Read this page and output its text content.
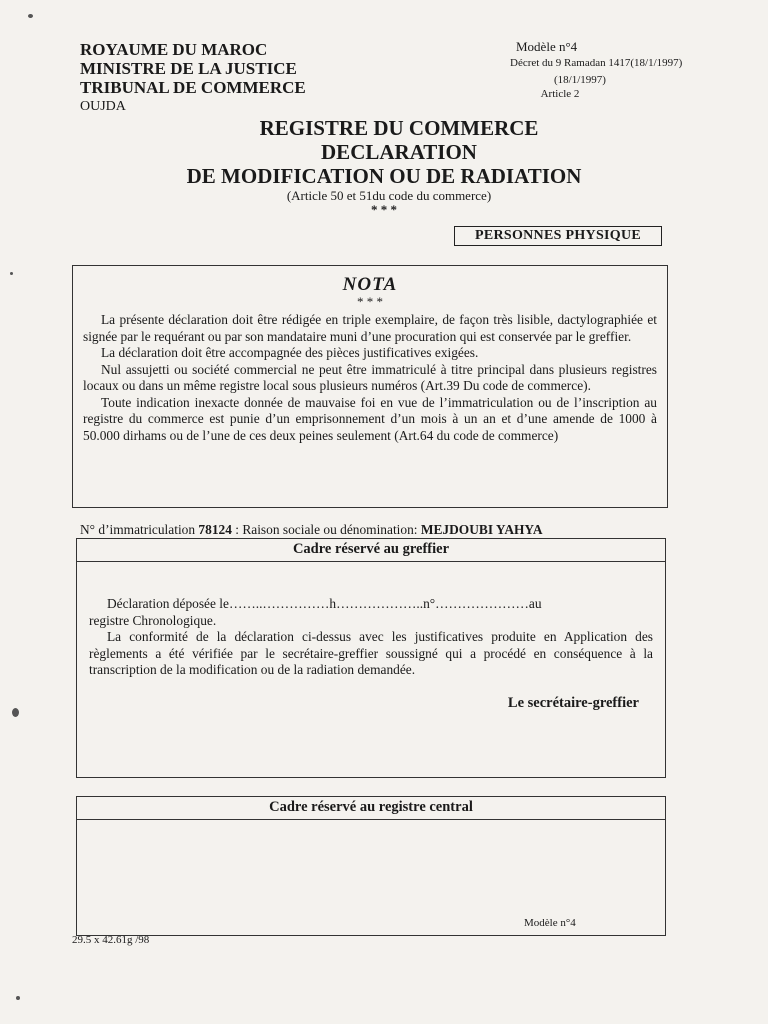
ROYAUME DU MAROC
MINISTRE DE LA JUSTICE
TRIBUNAL DE COMMERCE
OUJDA
Modèle n°4
Décret du 9 Ramadan 1417(18/1/1997)
(18/1/1997)
Article 2
REGISTRE DU COMMERCE
DECLARATION
DE MODIFICATION OU DE RADIATION
(Article 50 et 51du code du commerce)
* * *
PERSONNES PHYSIQUE
NOTA
* * *

La présente déclaration doit être rédigée en triple exemplaire, de façon très lisible, dactylographiée et signée par le requérant ou par son mandataire muni d’une procuration qui est conservée par le greffier.

La déclaration doit être accompagnée des pièces justificatives exigées.

Nul assujetti ou société commercial ne peut être immatriculé à titre principal dans plusieurs registres locaux ou dans un même registre local sous plusieurs numéros (Art.39 Du code de commerce).

Toute indication inexacte donnée de mauvaise foi en vue de l’immatriculation ou de l’inscription au registre du commerce est punie d’un emprisonnement d’un mois à un an et d’une amende de 1000 à 50.000 dirhams ou de l’une de ces deux peines seulement (Art.64 du code de commerce)

N° d’immatriculation 78124 : Raison sociale ou dénomination: MEJDOUBI YAHYA
Cadre réservé au greffier

Déclaration déposée le……..……………h………………..n°…………………au

registre Chronologique.

La conformité de la déclaration ci-dessus avec les justificatives produite en Application des règlements a été vérifiée par le secrétaire-greffier soussigné qui a procédé en conséquence à la transcription de la modification ou de la radiation demandée.

Le secrétaire-greffier
Cadre réservé au registre central
Modèle n°4
29.5 x 42.61g /98
